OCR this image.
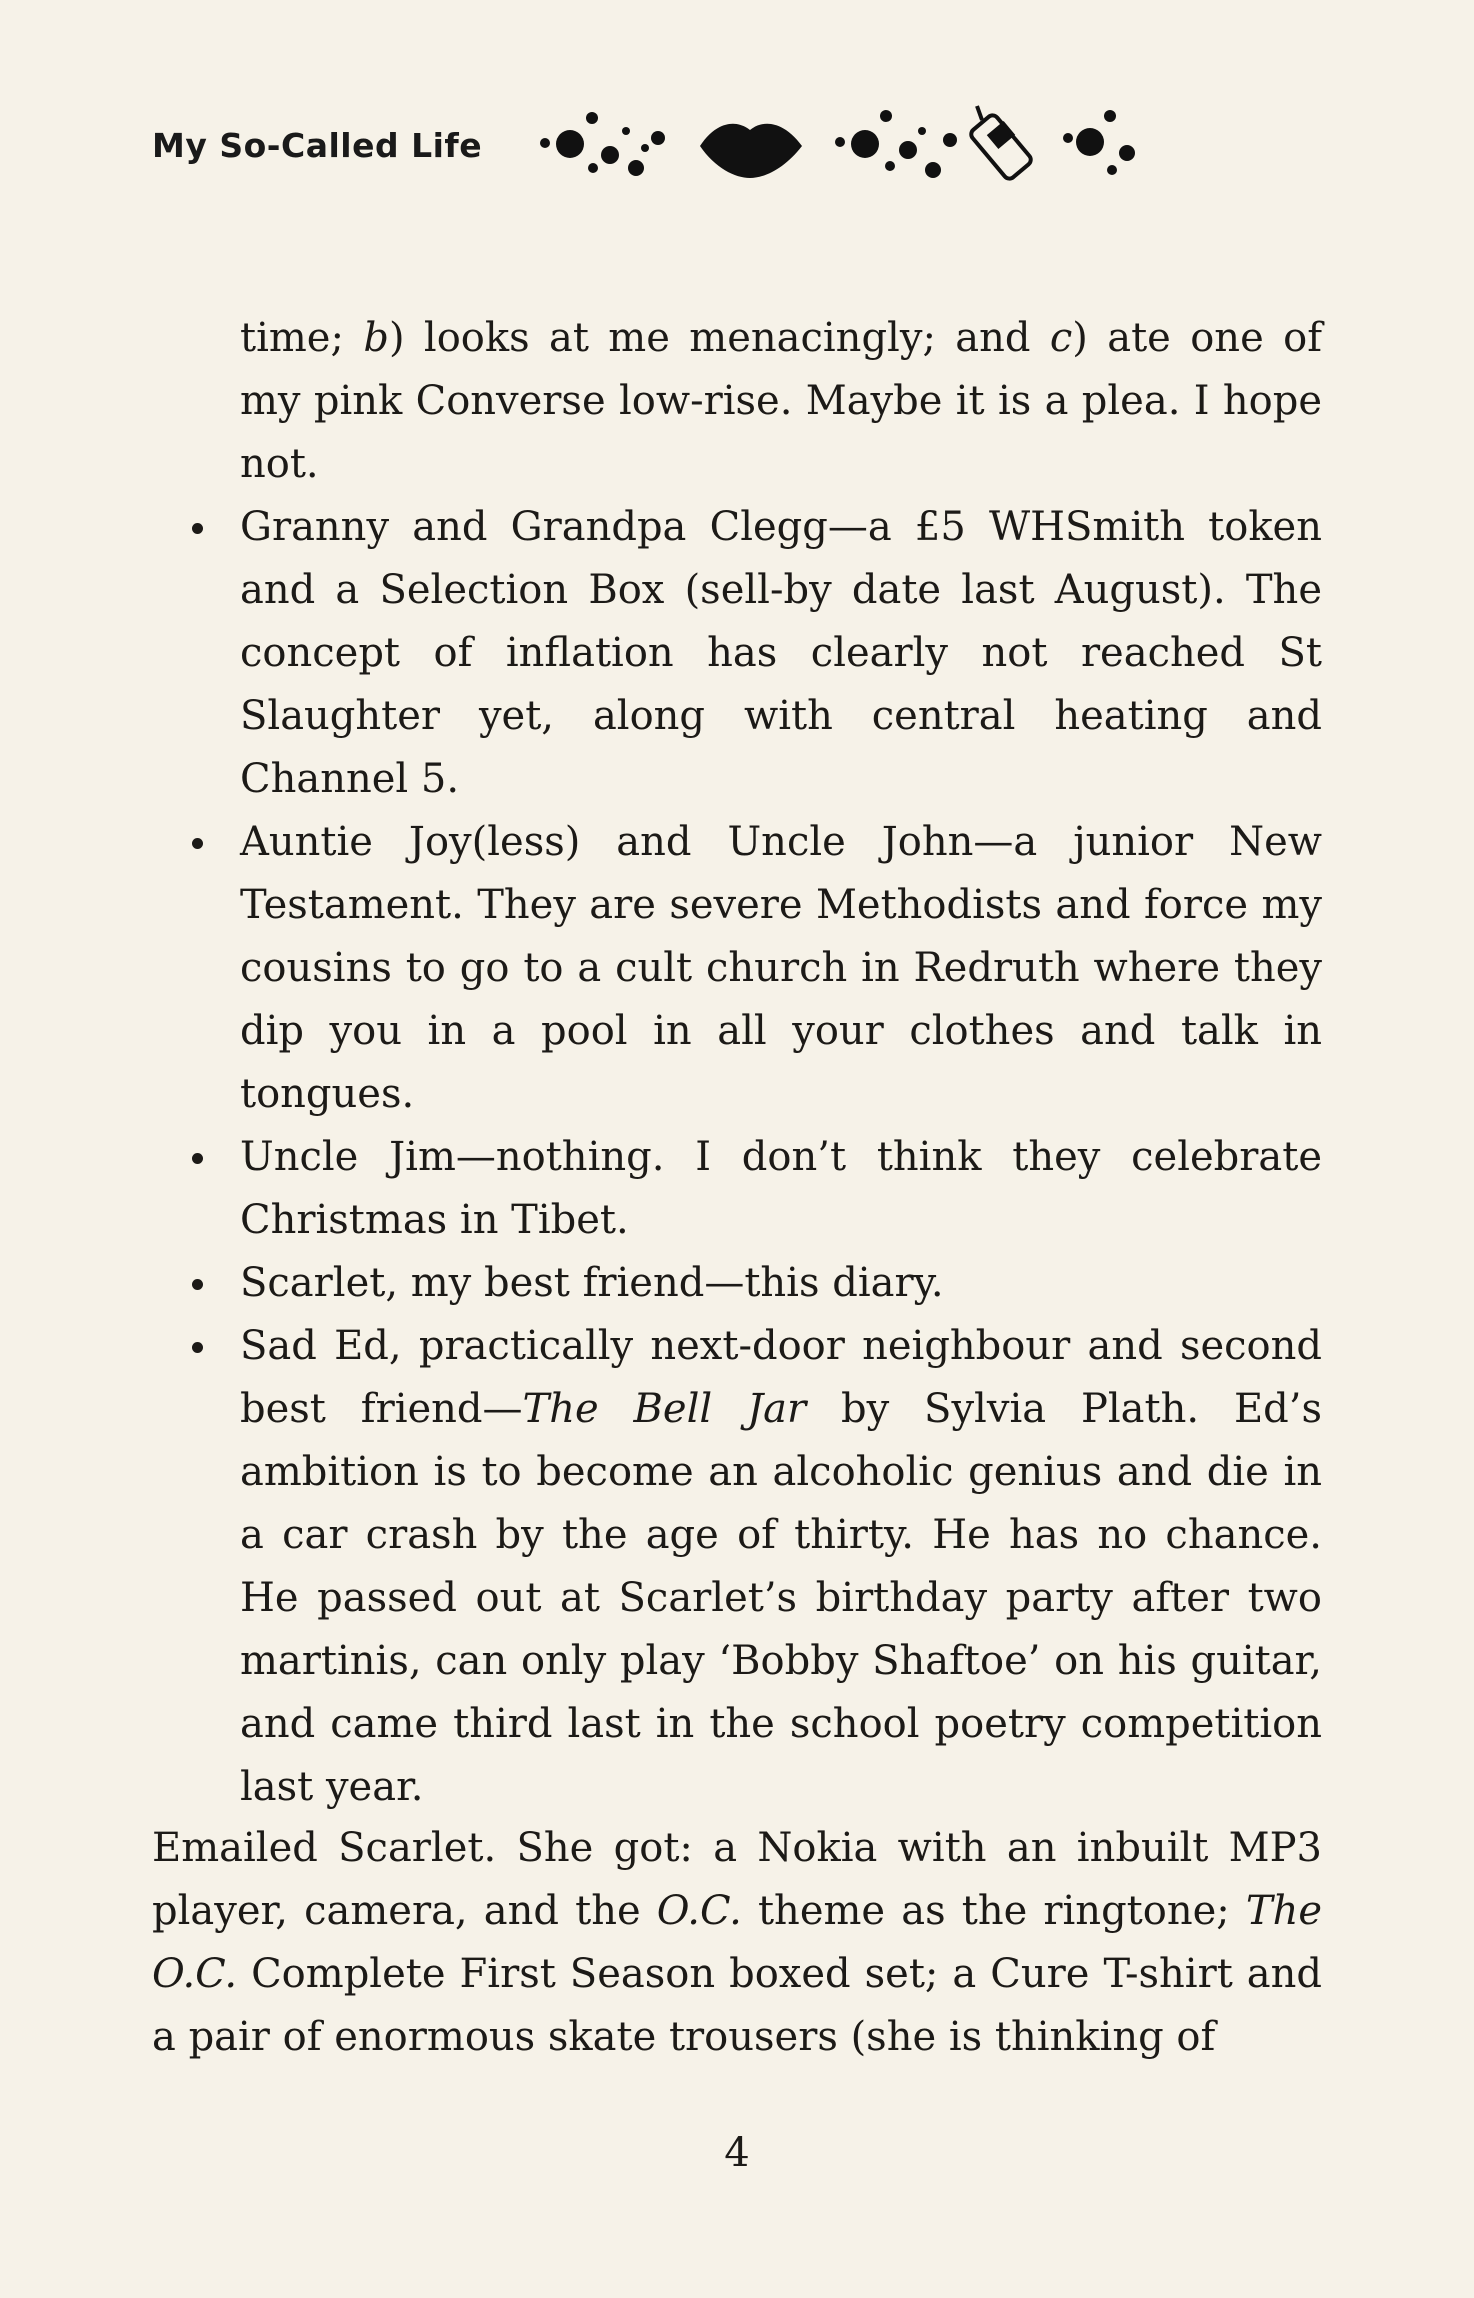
My So-Called Life

time; b) looks at me menacingly; and c) ate one of my pink Converse low-rise. Maybe it is a plea. I hope not.

Granny and Grandpa Clegg—a £5 WHSmith token and a Selection Box (sell-by date last August). The concept of inflation has clearly not reached St Slaughter yet, along with central heating and Channel 5.
Auntie Joy(less) and Uncle John—a junior New Testament. They are severe Methodists and force my cousins to go to a cult church in Redruth where they dip you in a pool in all your clothes and talk in tongues.
Uncle Jim—nothing. I don’t think they celebrate Christmas in Tibet.
Scarlet, my best friend—this diary.
Sad Ed, practically next-door neighbour and second best friend—The Bell Jar by Sylvia Plath. Ed’s ambition is to become an alcoholic genius and die in a car crash by the age of thirty. He has no chance. He passed out at Scarlet’s birthday party after two martinis, can only play ‘Bobby Shaftoe’ on his guitar, and came third last in the school poetry competition last year.

Emailed Scarlet. She got: a Nokia with an inbuilt MP3 player, camera, and the O.C. theme as the ringtone; The O.C. Complete First Season boxed set; a Cure T-shirt and a pair of enormous skate trousers (she is thinking of

4
